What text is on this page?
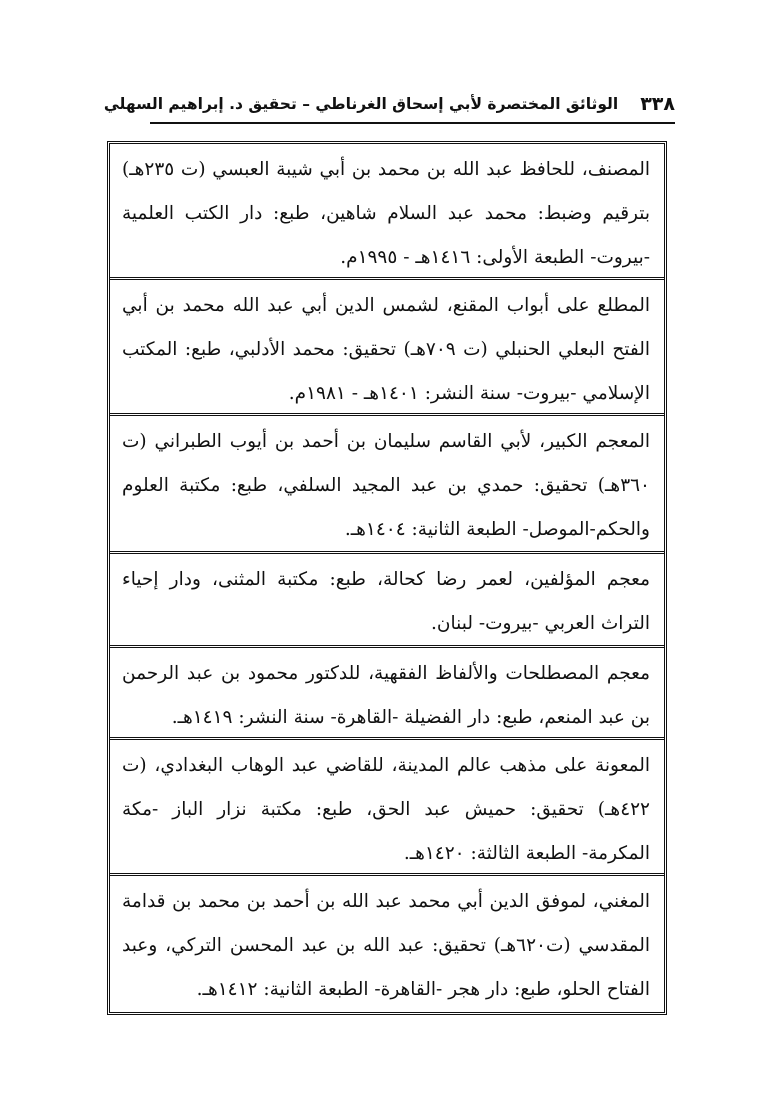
٣٣٨
الوثائق المختصرة لأبي إسحاق الغرناطي – تحقيق د. إبراهيم السهلي
المصنف، للحافظ عبد الله بن محمد بن أبي شيبة العبسي (ت ٢٣٥هـ) بترقيم وضبط: محمد عبد السلام شاهين، طبع: دار الكتب العلمية -بيروت- الطبعة الأولى: ١٤١٦هـ - ١٩٩٥م.
المطلع على أبواب المقنع، لشمس الدين أبي عبد الله محمد بن أبي الفتح البعلي الحنبلي (ت ٧٠٩هـ) تحقيق: محمد الأدلبي، طبع: المكتب الإسلامي -بيروت- سنة النشر: ١٤٠١هـ - ١٩٨١م.
المعجم الكبير، لأبي القاسم سليمان بن أحمد بن أيوب الطبراني (ت ٣٦٠هـ) تحقيق: حمدي بن عبد المجيد السلفي، طبع: مكتبة العلوم والحكم-الموصل- الطبعة الثانية: ١٤٠٤هـ.
معجم المؤلفين، لعمر رضا كحالة، طبع: مكتبة المثنى، ودار إحياء التراث العربي -بيروت- لبنان.
معجم المصطلحات والألفاظ الفقهية، للدكتور محمود بن عبد الرحمن بن عبد المنعم، طبع: دار الفضيلة -القاهرة- سنة النشر: ١٤١٩هـ.
المعونة على مذهب عالم المدينة، للقاضي عبد الوهاب البغدادي، (ت ٤٢٢هـ) تحقيق: حميش عبد الحق، طبع: مكتبة نزار الباز -مكة المكرمة- الطبعة الثالثة: ١٤٢٠هـ.
المغني، لموفق الدين أبي محمد عبد الله بن أحمد بن محمد بن قدامة المقدسي (ت٦٢٠هـ) تحقيق: عبد الله بن عبد المحسن التركي، وعبد الفتاح الحلو، طبع: دار هجر -القاهرة- الطبعة الثانية: ١٤١٢هـ.
